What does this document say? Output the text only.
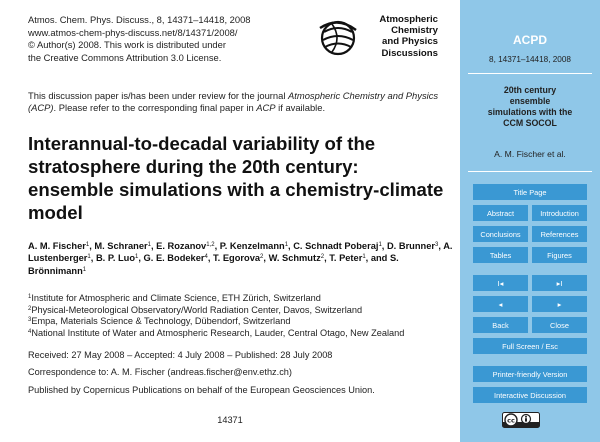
Atmos. Chem. Phys. Discuss., 8, 14371–14418, 2008
www.atmos-chem-phys-discuss.net/8/14371/2008/
© Author(s) 2008. This work is distributed under
the Creative Commons Attribution 3.0 License.
Atmospheric
Chemistry
and Physics
Discussions
This discussion paper is/has been under review for the journal Atmospheric Chemistry and Physics (ACP). Please refer to the corresponding final paper in ACP if available.
Interannual-to-decadal variability of the stratosphere during the 20th century: ensemble simulations with a chemistry-climate model
A. M. Fischer$^1$, M. Schraner$^1$, E. Rozanov$^{1,2}$, P. Kenzelmann$^1$, C. Schnadt Poberaj$^1$, D. Brunner$^3$, A. Lustenberger$^1$, B. P. Luo$^1$, G. E. Bodeker$^4$, T. Egorova$^2$, W. Schmutz$^2$, T. Peter$^1$, and S. Brönnimann$^1$
$^1$Institute for Atmospheric and Climate Science, ETH Zürich, Switzerland
$^2$Physical-Meteorological Observatory/World Radiation Center, Davos, Switzerland
$^3$Empa, Materials Science & Technology, Dübendorf, Switzerland
$^4$National Institute of Water and Atmospheric Research, Lauder, Central Otago, New Zealand
Received: 27 May 2008 – Accepted: 4 July 2008 – Published: 28 July 2008
Correspondence to: A. M. Fischer (andreas.fischer@env.ethz.ch)
Published by Copernicus Publications on behalf of the European Geosciences Union.
14371
ACPD
8, 14371–14418, 2008
20th century
ensemble
simulations with the
CCM SOCOL
A. M. Fischer et al.
Title Page
Abstract	Introduction
Conclusions	References
Tables	Figures
I◂	▸I
◂	▸
Back	Close
Full Screen / Esc
Printer-friendly Version
Interactive Discussion
cc
